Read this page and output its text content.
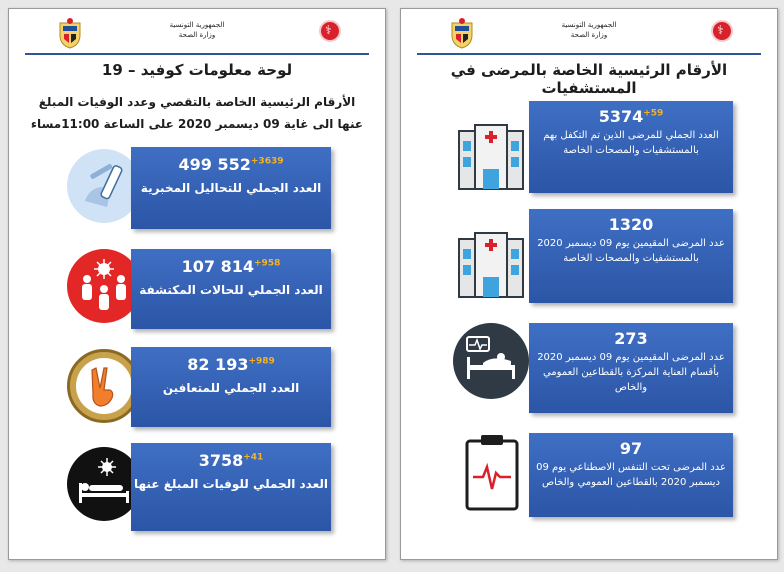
الجمهورية التونسية
وزارة الصحة
⚕
لوحة معلومات كوفيد – 19
الأرقام الرئيسية الخاصة بالتقصي وعدد الوفيات المبلغ عنها الى غاية 09 ديسمبر 2020 على الساعة 11:00مساء
499 $552^{+3639}$
العدد الجملي للتحاليل المخبرية
107 $814^{+958}$
العدد الجملي للحالات المكتشفة
82 $193^{+989}$
العدد الجملي للمتعافين
$3758^{+41}$
العدد الجملي للوفيات المبلغ عنها
الجمهورية التونسية
وزارة الصحة
⚕
الأرقام الرئيسية الخاصة بالمرضى في المستشفيات
$5374^{+59}$
العدد الجملي للمرضى الذين تم التكفل بهم بالمستشفيات والمصحات الخاصة
1320
عدد المرضى المقيمين يوم 09 ديسمبر 2020 بالمستشفيات والمصحات الخاصة
273
عدد المرضى المقيمين يوم 09 ديسمبر 2020 بأقسام العناية المركزة بالقطاعين العمومي والخاص
97
عدد المرضى تحت التنفس الاصطناعي يوم 09 ديسمبر 2020 بالقطاعين العمومي والخاص
